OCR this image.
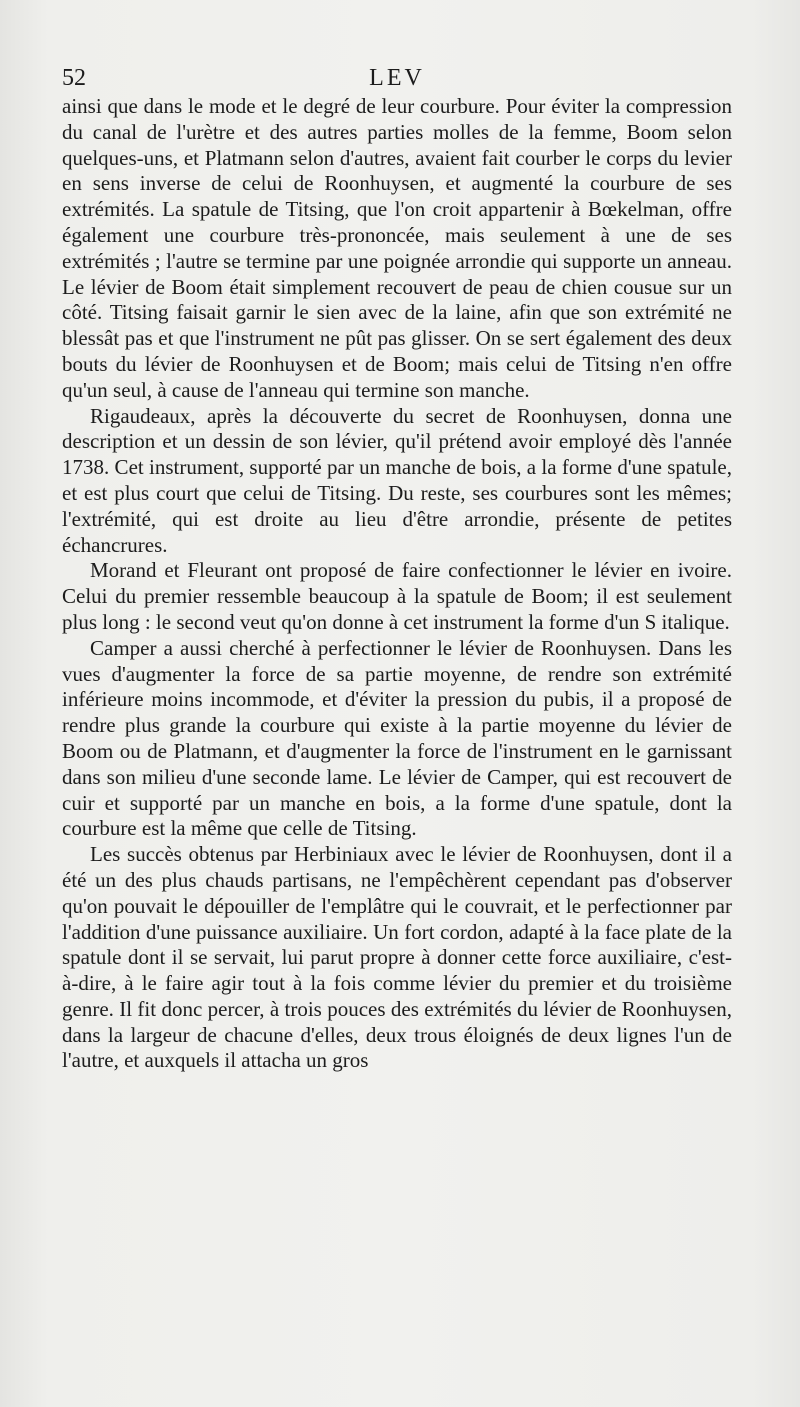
52	LEV

ainsi que dans le mode et le degré de leur courbure. Pour éviter la compression du canal de l'urètre et des autres parties molles de la femme, Boom selon quelques-uns, et Platmann selon d'autres, avaient fait courber le corps du levier en sens inverse de celui de Roonhuysen, et augmenté la courbure de ses extrémités. La spatule de Titsing, que l'on croit appartenir à Bœkelman, offre également une courbure très-prononcée, mais seulement à une de ses extrémités ; l'autre se termine par une poignée arrondie qui supporte un anneau. Le lévier de Boom était simplement recouvert de peau de chien cousue sur un côté. Titsing faisait garnir le sien avec de la laine, afin que son extrémité ne blessât pas et que l'instrument ne pût pas glisser. On se sert également des deux bouts du lévier de Roonhuysen et de Boom; mais celui de Titsing n'en offre qu'un seul, à cause de l'anneau qui termine son manche.

Rigaudeaux, après la découverte du secret de Roonhuysen, donna une description et un dessin de son lévier, qu'il prétend avoir employé dès l'année 1738. Cet instrument, supporté par un manche de bois, a la forme d'une spatule, et est plus court que celui de Titsing. Du reste, ses courbures sont les mêmes; l'extrémité, qui est droite au lieu d'être arrondie, présente de petites échancrures.

Morand et Fleurant ont proposé de faire confectionner le lévier en ivoire. Celui du premier ressemble beaucoup à la spatule de Boom; il est seulement plus long : le second veut qu'on donne à cet instrument la forme d'un S italique.

Camper a aussi cherché à perfectionner le lévier de Roonhuysen. Dans les vues d'augmenter la force de sa partie moyenne, de rendre son extrémité inférieure moins incommode, et d'éviter la pression du pubis, il a proposé de rendre plus grande la courbure qui existe à la partie moyenne du lévier de Boom ou de Platmann, et d'augmenter la force de l'instrument en le garnissant dans son milieu d'une seconde lame. Le lévier de Camper, qui est recouvert de cuir et supporté par un manche en bois, a la forme d'une spatule, dont la courbure est la même que celle de Titsing.

Les succès obtenus par Herbiniaux avec le lévier de Roonhuysen, dont il a été un des plus chauds partisans, ne l'empêchèrent cependant pas d'observer qu'on pouvait le dépouiller de l'emplâtre qui le couvrait, et le perfectionner par l'addition d'une puissance auxiliaire. Un fort cordon, adapté à la face plate de la spatule dont il se servait, lui parut propre à donner cette force auxiliaire, c'est-à-dire, à le faire agir tout à la fois comme lévier du premier et du troisième genre. Il fit donc percer, à trois pouces des extrémités du lévier de Roonhuysen, dans la largeur de chacune d'elles, deux trous éloignés de deux lignes l'un de l'autre, et auxquels il attacha un gros
